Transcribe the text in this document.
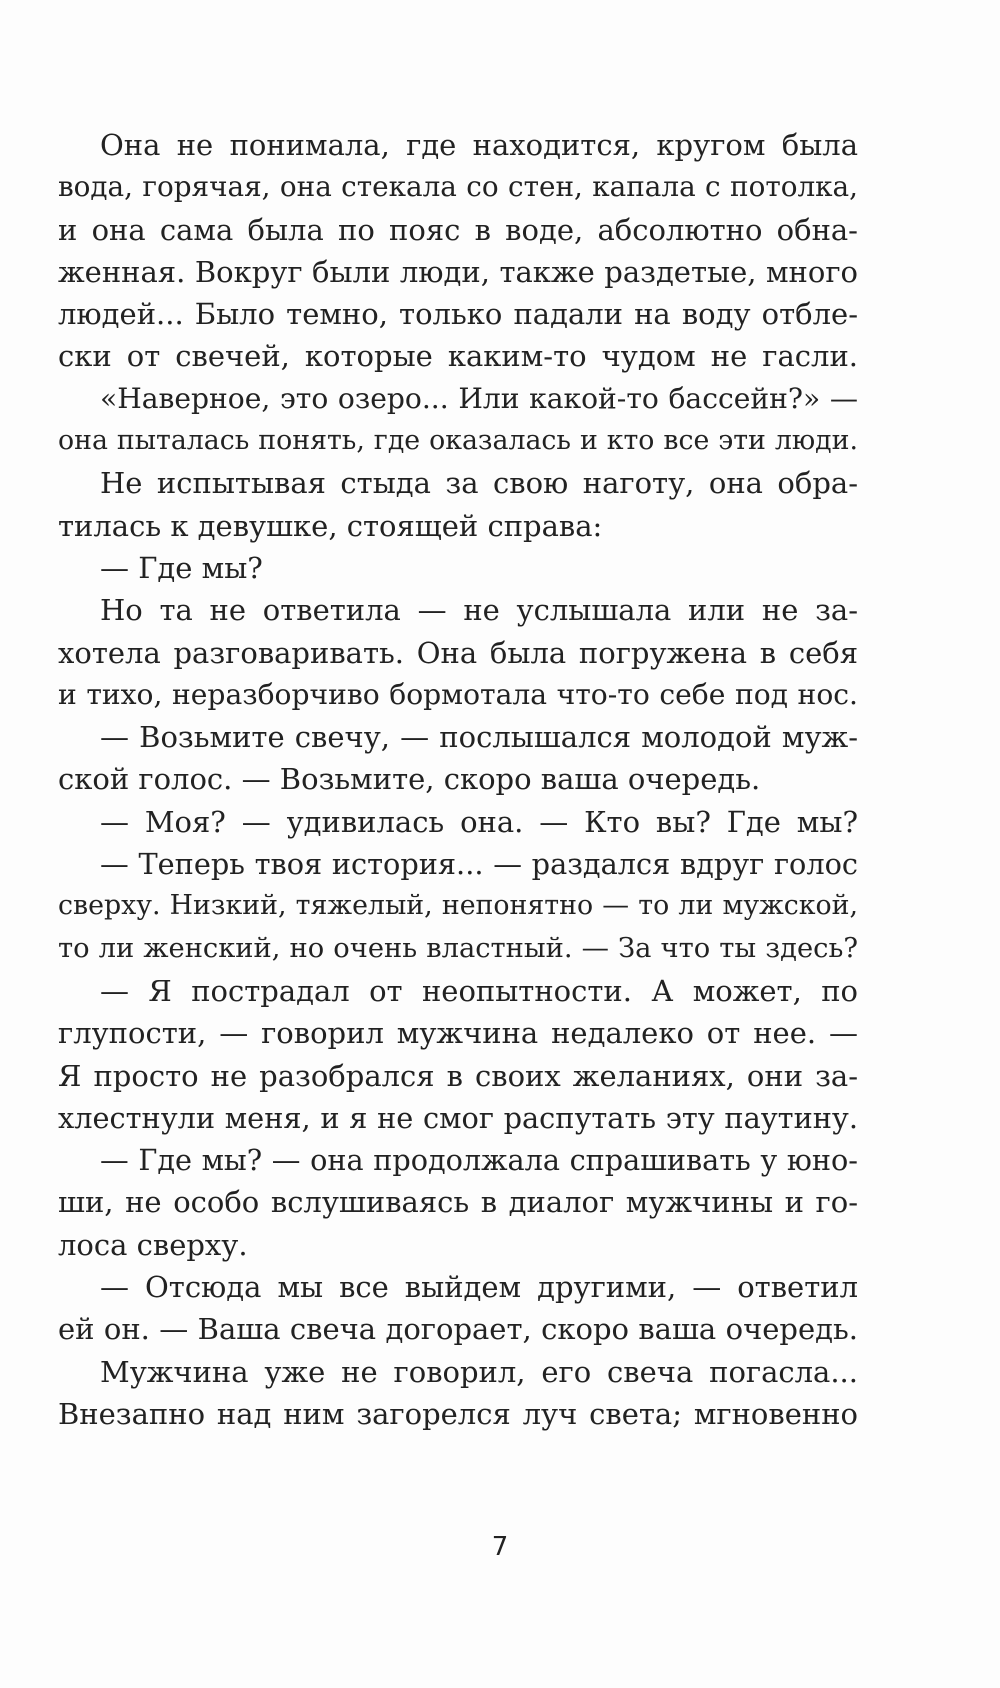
Она не понимала, где находится, кругом была
вода, горячая, она стекала со стен, капала с потолка,
и она сама была по пояс в воде, абсолютно обна-
женная. Вокруг были люди, также раздетые, много
людей... Было темно, только падали на воду отбле-
ски от свечей, которые каким-то чудом не гасли.
«Наверное, это озеро... Или какой-то бассейн?» —
она пыталась понять, где оказалась и кто все эти люди.
Не испытывая стыда за свою наготу, она обра-
тилась к девушке, стоящей справа:
— Где мы?
Но та не ответила — не услышала или не за-
хотела разговаривать. Она была погружена в себя
и тихо, неразборчиво бормотала что-то себе под нос.
— Возьмите свечу, — послышался молодой муж-
ской голос. — Возьмите, скоро ваша очередь.
— Моя? — удивилась она. — Кто вы? Где мы?
— Теперь твоя история... — раздался вдруг голос
сверху. Низкий, тяжелый, непонятно — то ли мужской,
то ли женский, но очень властный. — За что ты здесь?
— Я пострадал от неопытности. А может, по
глупости, — говорил мужчина недалеко от нее. —
Я просто не разобрался в своих желаниях, они за-
хлестнули меня, и я не смог распутать эту паутину.
— Где мы? — она продолжала спрашивать у юно-
ши, не особо вслушиваясь в диалог мужчины и го-
лоса сверху.
— Отсюда мы все выйдем другими, — ответил
ей он. — Ваша свеча догорает, скоро ваша очередь.
Мужчина уже не говорил, его свеча погасла...
Внезапно над ним загорелся луч света; мгновенно
7
